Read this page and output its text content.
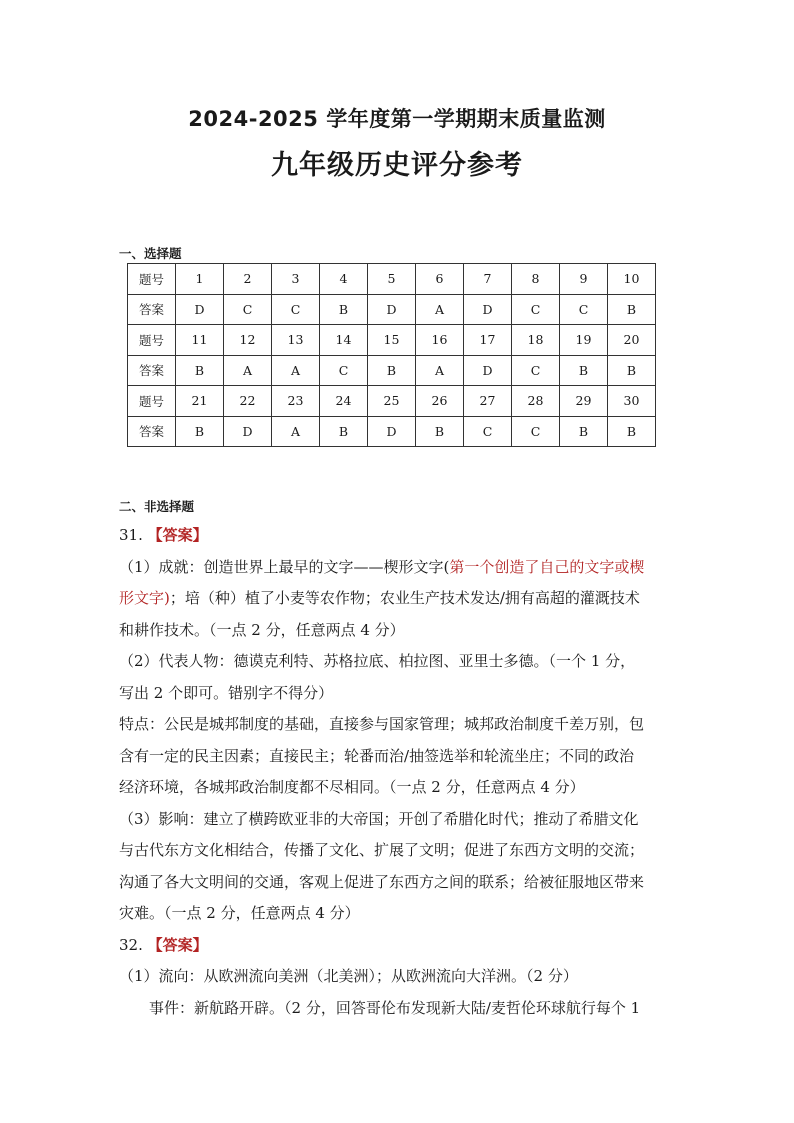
2024-2025 学年度第一学期期末质量监测
九年级历史评分参考
一、选择题
题号	1	2	3	4	5	6	7	8	9	10
答案	D	C	C	B	D	A	D	C	C	B
题号	11	12	13	14	15	16	17	18	19	20
答案	B	A	A	C	B	A	D	C	B	B
题号	21	22	23	24	25	26	27	28	29	30
答案	B	D	A	B	D	B	C	C	B	B
二、非选择题

31. 【答案】

（1）成就：创造世界上最早的文字——楔形文字(第一个创造了自己的文字或楔

形文字)；培（种）植了小麦等农作物；农业生产技术发达/拥有高超的灌溉技术

和耕作技术。（一点 2 分，任意两点 4 分）

（2）代表人物：德谟克利特、苏格拉底、柏拉图、亚里士多德。（一个 1 分，

写出 2 个即可。错别字不得分）

特点：公民是城邦制度的基础，直接参与国家管理；城邦政治制度千差万别，包

含有一定的民主因素；直接民主；轮番而治/抽签选举和轮流坐庄；不同的政治

经济环境，各城邦政治制度都不尽相同。（一点 2 分，任意两点 4 分）

（3）影响：建立了横跨欧亚非的大帝国；开创了希腊化时代；推动了希腊文化

与古代东方文化相结合，传播了文化、扩展了文明；促进了东西方文明的交流；

沟通了各大文明间的交通，客观上促进了东西方之间的联系；给被征服地区带来

灾难。（一点 2 分，任意两点 4 分）

32. 【答案】

（1）流向：从欧洲流向美洲（北美洲）；从欧洲流向大洋洲。（2 分）

事件：新航路开辟。（2 分，回答哥伦布发现新大陆/麦哲伦环球航行每个 1
